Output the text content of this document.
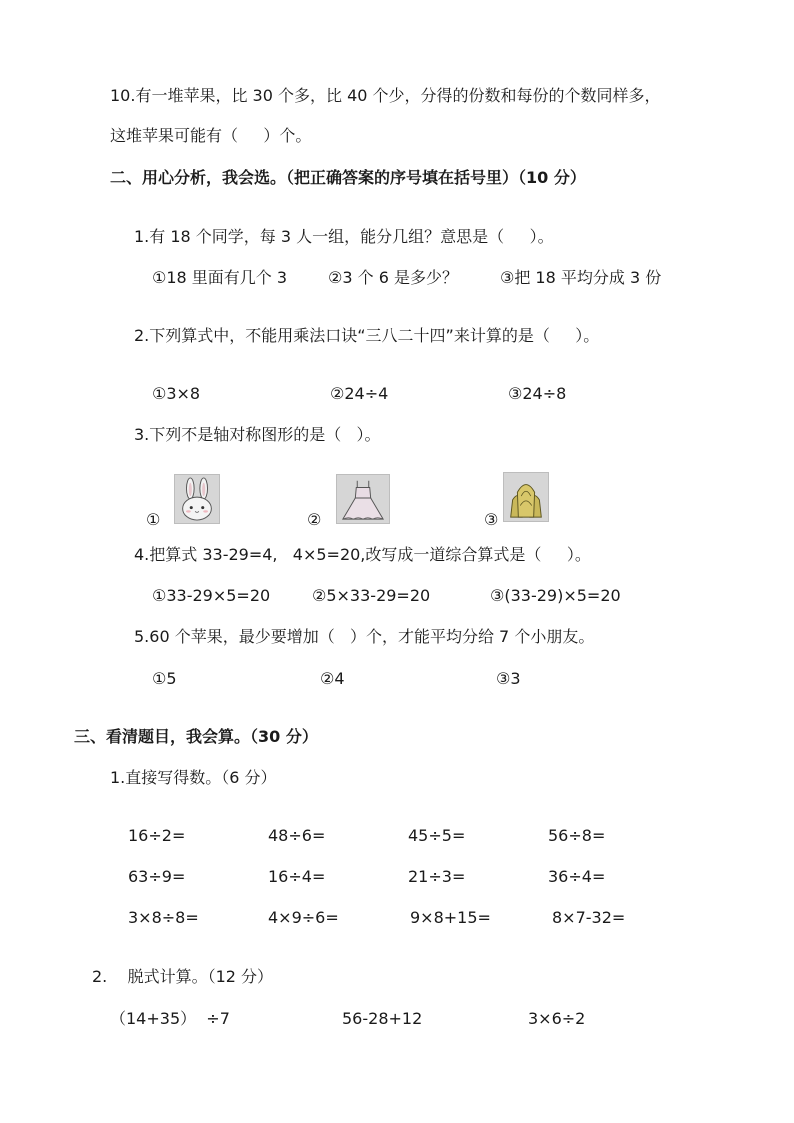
10.有一堆苹果，比 30 个多，比 40 个少，分得的份数和每份的个数同样多，
这堆苹果可能有（     ）个。
二、用心分析，我会选。（把正确答案的序号填在括号里）（10 分）
1.有 18 个同学，每 3 人一组，能分几组？意思是（     ）。
①18 里面有几个 3	②3 个 6 是多少？	③把 18 平均分成 3 份
2.下列算式中，不能用乘法口诀“三八二十四”来计算的是（     ）。
①3×8	②24÷4	③24÷8
3.下列不是轴对称图形的是（   ）。
①	②	③
4.把算式 33-29=4,   4×5=20,改写成一道综合算式是（     ）。
①33-29×5=20	②5×33-29=20	③(33-29)×5=20
5.60 个苹果，最少要增加（   ）个，才能平均分给 7 个小朋友。
①5	②4	③3
三、看清题目，我会算。（30 分）
1.直接写得数。（6 分）
16÷2=	48÷6=	45÷5=	56÷8=
63÷9=	16÷4=	21÷3=	36÷4=
3×8÷8=	4×9÷6=	9×8+15=	8×7-32=
2.    脱式计算。（12 分）
（14+35）  ÷7	56-28+12	3×6÷2
